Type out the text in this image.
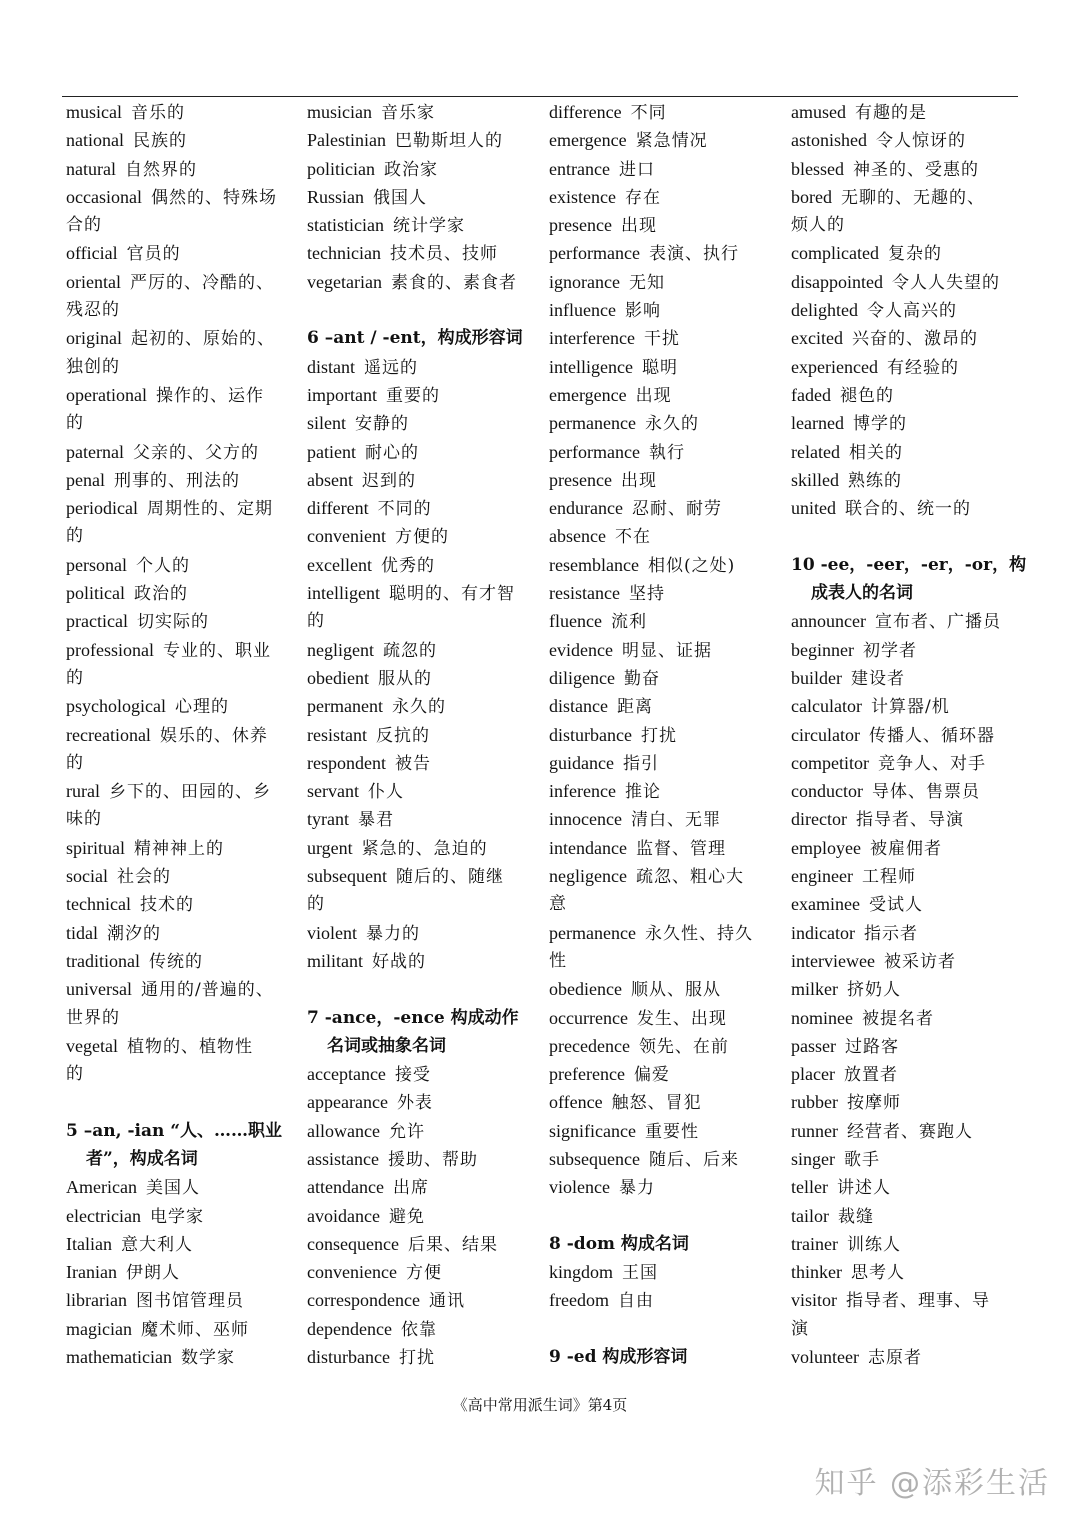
musical 音乐的
national 民族的
natural 自然界的
occasional 偶然的、特殊场
合的
official 官员的
oriental 严厉的、冷酷的、
残忍的
original 起初的、原始的、
独创的
operational 操作的、运作
的
paternal 父亲的、父方的
penal 刑事的、刑法的
periodical 周期性的、定期
的
personal 个人的
political 政治的
practical 切实际的
professional 专业的、职业
的
psychological 心理的
recreational 娱乐的、休养
的
rural 乡下的、田园的、乡
味的
spiritual 精神神上的
social 社会的
technical 技术的
tidal 潮汐的
traditional 传统的
universal 通用的/普遍的、
世界的
vegetal 植物的、植物性
的
5 –an, -ian “人、……职业
者”，构成名词
American 美国人
electrician 电学家
Italian 意大利人
Iranian 伊朗人
librarian 图书馆管理员
magician 魔术师、巫师
mathematician 数学家
musician 音乐家
Palestinian 巴勒斯坦人的
politician 政治家
Russian 俄国人
statistician 统计学家
technician 技术员、技师
vegetarian 素食的、素食者
6 –ant / -ent，构成形容词
distant 遥远的
important 重要的
silent 安静的
patient 耐心的
absent 迟到的
different 不同的
convenient 方便的
excellent 优秀的
intelligent 聪明的、有才智
的
negligent 疏忽的
obedient 服从的
permanent 永久的
resistant 反抗的
respondent 被告
servant 仆人
tyrant 暴君
urgent 紧急的、急迫的
subsequent 随后的、随继
的
violent 暴力的
militant 好战的
7 -ance，-ence 构成动作
名词或抽象名词
acceptance 接受
appearance 外表
allowance 允许
assistance 援助、帮助
attendance 出席
avoidance 避免
consequence 后果、结果
convenience 方便
correspondence 通讯
dependence 依靠
disturbance 打扰
difference 不同
emergence 紧急情况
entrance 进口
existence 存在
presence 出现
performance 表演、执行
ignorance 无知
influence 影响
interference 干扰
intelligence 聪明
emergence 出现
permanence 永久的
performance 執行
presence 出现
endurance 忍耐、耐劳
absence 不在
resemblance 相似(之处)
resistance 坚持
fluence 流利
evidence 明显、证据
diligence 勤奋
distance 距离
disturbance 打扰
guidance 指引
inference 推论
innocence 清白、无罪
intendance 监督、管理
negligence 疏忽、粗心大
意
permanence 永久性、持久
性
obedience 顺从、服从
occurrence 发生、出现
precedence 领先、在前
preference 偏爱
offence 触怒、冒犯
significance 重要性
subsequence 随后、后来
violence 暴力
8 -dom 构成名词
kingdom 王国
freedom 自由
9 -ed 构成形容词
amused 有趣的是
astonished 令人惊讶的
blessed 神圣的、受惠的
bored 无聊的、无趣的、
烦人的
complicated 复杂的
disappointed 令人人失望的
delighted 令人高兴的
excited 兴奋的、激昂的
experienced 有经验的
faded 褪色的
learned 博学的
related 相关的
skilled 熟练的
united 联合的、统一的
10 -ee，-eer，-er，-or，构
成表人的名词
announcer 宣布者、广播员
beginner 初学者
builder 建设者
calculator 计算器/机
circulator 传播人、循环器
competitor 竞争人、对手
conductor 导体、售票员
director 指导者、导演
employee 被雇佣者
engineer 工程师
examinee 受试人
indicator 指示者
interviewee 被采访者
milker 挤奶人
nominee 被提名者
passer 过路客
placer 放置者
rubber 按摩师
runner 经营者、赛跑人
singer 歌手
teller 讲述人
tailor 裁缝
trainer 训练人
thinker 思考人
visitor 指导者、理事、导
演
volunteer 志原者
《高中常用派生词》第4页
知乎 @添彩生活
